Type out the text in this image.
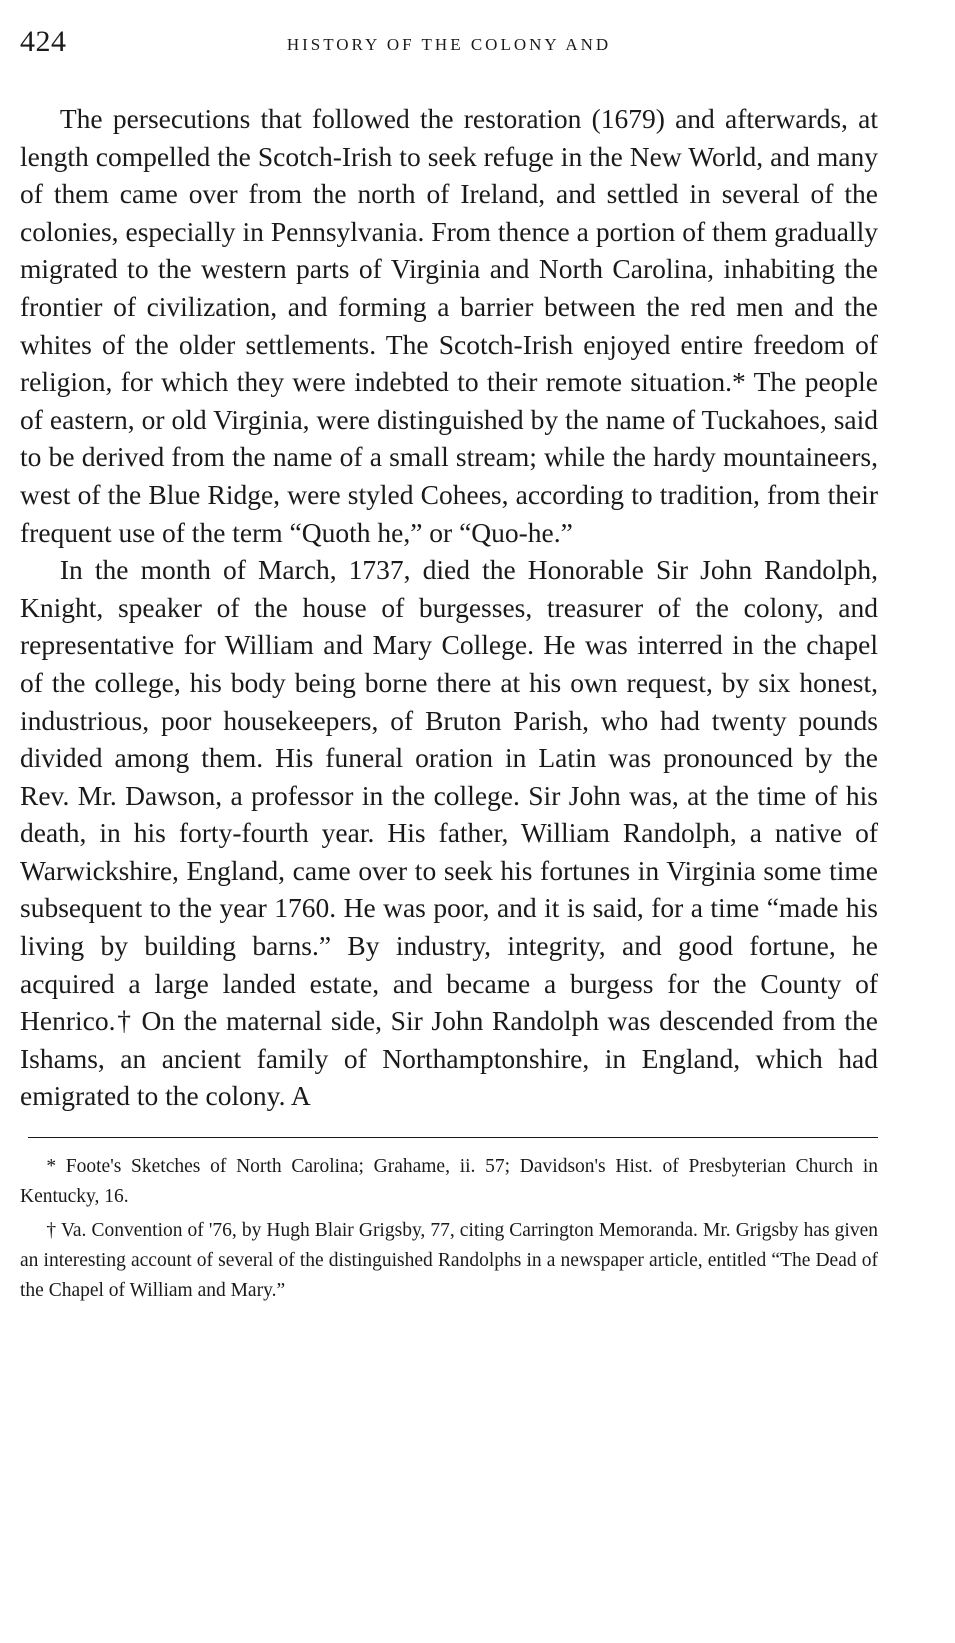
424	HISTORY OF THE COLONY AND

The persecutions that followed the restoration (1679) and afterwards, at length compelled the Scotch-Irish to seek refuge in the New World, and many of them came over from the north of Ireland, and settled in several of the colonies, especially in Pennsylvania. From thence a portion of them gradually migrated to the western parts of Virginia and North Carolina, inhabiting the frontier of civilization, and forming a barrier between the red men and the whites of the older settlements. The Scotch-Irish enjoyed entire freedom of religion, for which they were indebted to their remote situation.* The people of eastern, or old Virginia, were distinguished by the name of Tuckahoes, said to be derived from the name of a small stream; while the hardy mountaineers, west of the Blue Ridge, were styled Cohees, according to tradition, from their frequent use of the term “Quoth he,” or “Quo-he.”

In the month of March, 1737, died the Honorable Sir John Randolph, Knight, speaker of the house of burgesses, treasurer of the colony, and representative for William and Mary College. He was interred in the chapel of the college, his body being borne there at his own request, by six honest, industrious, poor housekeepers, of Bruton Parish, who had twenty pounds divided among them. His funeral oration in Latin was pronounced by the Rev. Mr. Dawson, a professor in the college. Sir John was, at the time of his death, in his forty-fourth year. His father, William Randolph, a native of Warwickshire, England, came over to seek his fortunes in Virginia some time subsequent to the year 1760. He was poor, and it is said, for a time “made his living by building barns.” By industry, integrity, and good fortune, he acquired a large landed estate, and became a burgess for the County of Henrico.† On the maternal side, Sir John Randolph was descended from the Ishams, an ancient family of Northamptonshire, in England, which had emigrated to the colony. A

* Foote's Sketches of North Carolina; Grahame, ii. 57; Davidson's Hist. of Presbyterian Church in Kentucky, 16.

† Va. Convention of '76, by Hugh Blair Grigsby, 77, citing Carrington Memoranda. Mr. Grigsby has given an interesting account of several of the distinguished Randolphs in a newspaper article, entitled “The Dead of the Chapel of William and Mary.”
